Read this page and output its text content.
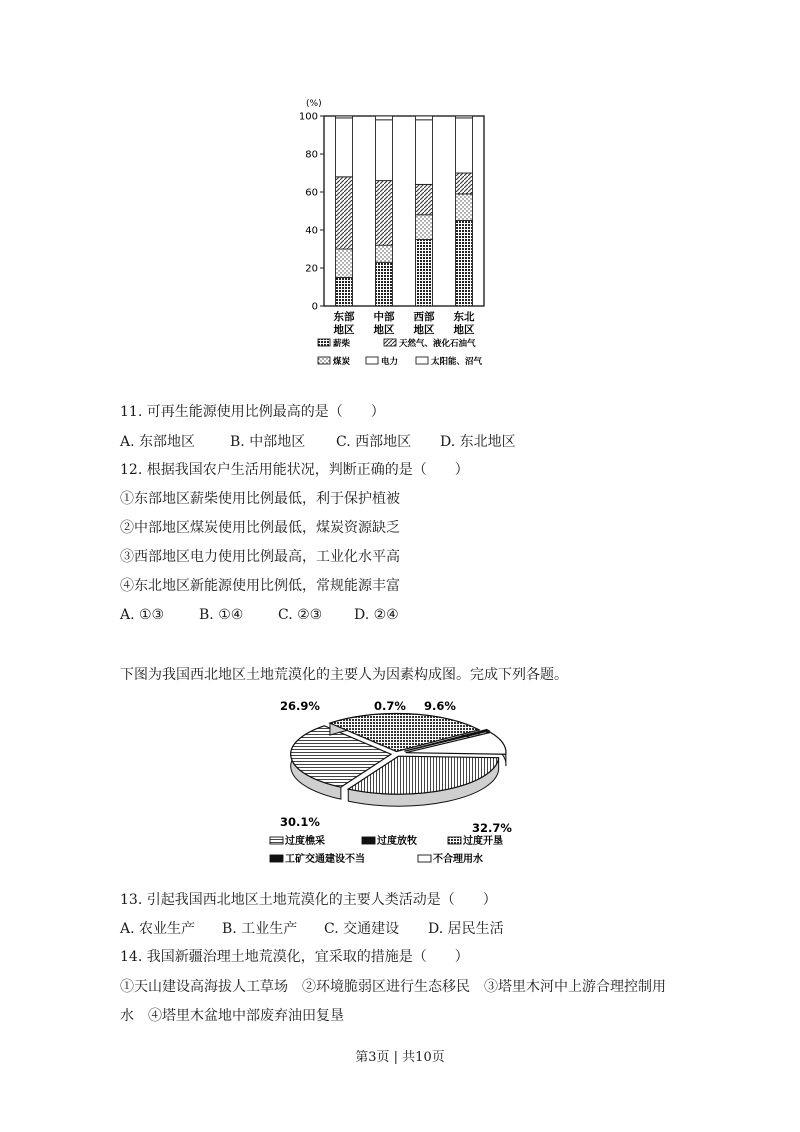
(%)
0
20
40
60
80
100
东部
地区
中部
地区
西部
地区
东北
地区
薪柴	天然气、液化石油气
煤炭	电力	太阳能、沼气
11. 可再生能源使用比例最高的是（　　）
A. 东部地区 B. 中部地区 C. 西部地区 D. 东北地区
12. 根据我国农户生活用能状况，判断正确的是（　　）
①东部地区薪柴使用比例最低，利于保护植被
②中部地区煤炭使用比例最低，煤炭资源缺乏
③西部地区电力使用比例最高，工业化水平高
④东北地区新能源使用比例低，常规能源丰富
A. ①③ B. ①④ C. ②③ D. ②④
下图为我国西北地区土地荒漠化的主要人为因素构成图。完成下列各题。
30.1%
26.9%	0.7% 9.6%
32.7%
过度樵采	过度放牧	过度开垦
工矿交通建设不当	不合理用水
13. 引起我国西北地区土地荒漠化的主要人类活动是（　　）
A. 农业生产 B. 工业生产 C. 交通建设 D. 居民生活
14. 我国新疆治理土地荒漠化，宜采取的措施是（　　）
①天山建设高海拔人工草场　②环境脆弱区进行生态移民　③塔里木河中上游合理控制用
水　④塔里木盆地中部废弃油田复垦
第3页 | 共10页
